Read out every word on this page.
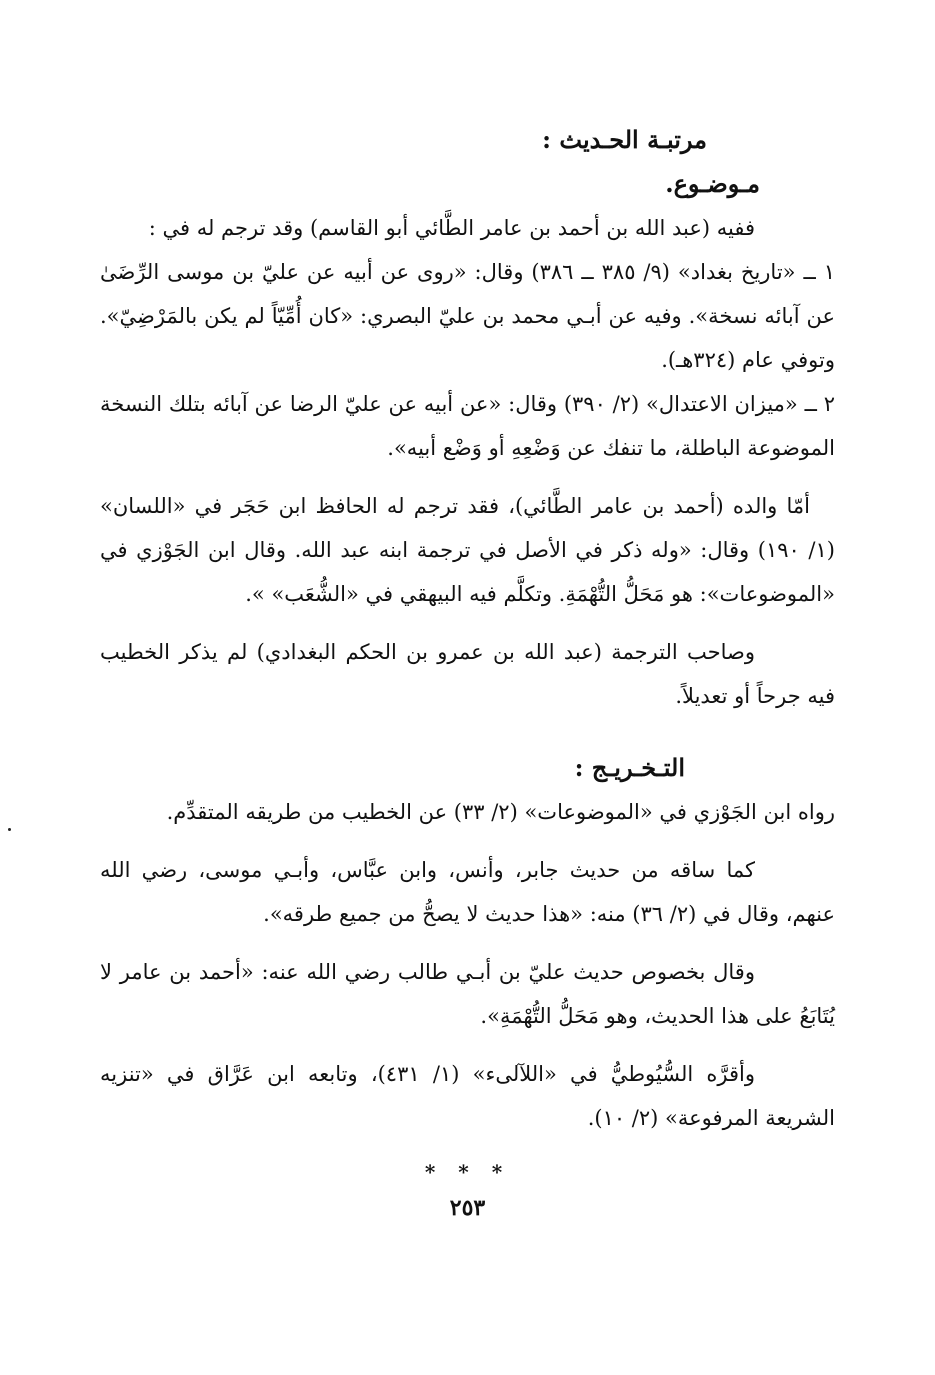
مرتبـة الحـديث :

مـوضـوع.

ففيه (عبد الله بن أحمد بن عامر الطَّائي أبو القاسم) وقد ترجم له في :

١ ــ «تاريخ بغداد» (٩/ ٣٨٥ ــ ٣٨٦) وقال: «روى عن أبيه عن عليّ بن موسى الرِّضَىٰ عن آبائه نسخة». وفيه عن أبـي محمد بن عليّ البصري: «كان أُمِّيّاً لم يكن بالمَرْضِيّ». وتوفي عام (٣٢٤هـ).

٢ ــ «ميزان الاعتدال» (٢/ ٣٩٠) وقال: «عن أبيه عن عليّ الرضا عن آبائه بتلك النسخة الموضوعة الباطلة، ما تنفك عن وَضْعِهِ أو وَضْع أبيه».

أمّا والده (أحمد بن عامر الطَّائي)، فقد ترجم له الحافظ ابن حَجَر في «اللسان» (١/ ١٩٠) وقال: «وله ذكر في الأصل في ترجمة ابنه عبد الله. وقال ابن الجَوْزي في «الموضوعات»: هو مَحَلُّ التُّهْمَةِ. وتكلَّم فيه البيهقي في «الشُّعَب» ».

وصاحب الترجمة (عبد الله بن عمرو بن الحكم البغدادي) لم يذكر الخطيب فيه جرحاً أو تعديلاً.

التـخـريـج :

رواه ابن الجَوْزي في «الموضوعات» (٢/ ٣٣) عن الخطيب من طريقه المتقدِّم.

كما ساقه من حديث جابر، وأنس، وابن عبَّاس، وأبـي موسى، رضي الله عنهم، وقال في (٢/ ٣٦) منه: «هذا حديث لا يصحُّ من جميع طرقه».

وقال بخصوص حديث عليّ بن أبـي طالب رضي الله عنه: «أحمد بن عامر لا يُتَابَعُ على هذا الحديث، وهو مَحَلُّ التُّهْمَةِ».

وأقرَّه السُّيُوطيُّ في «اللآلىء» (١/ ٤٣١)، وتابعه ابن عَرَّاق في «تنزيه الشريعة المرفوعة» (٢/ ١٠).

* * *
٢٥٣
